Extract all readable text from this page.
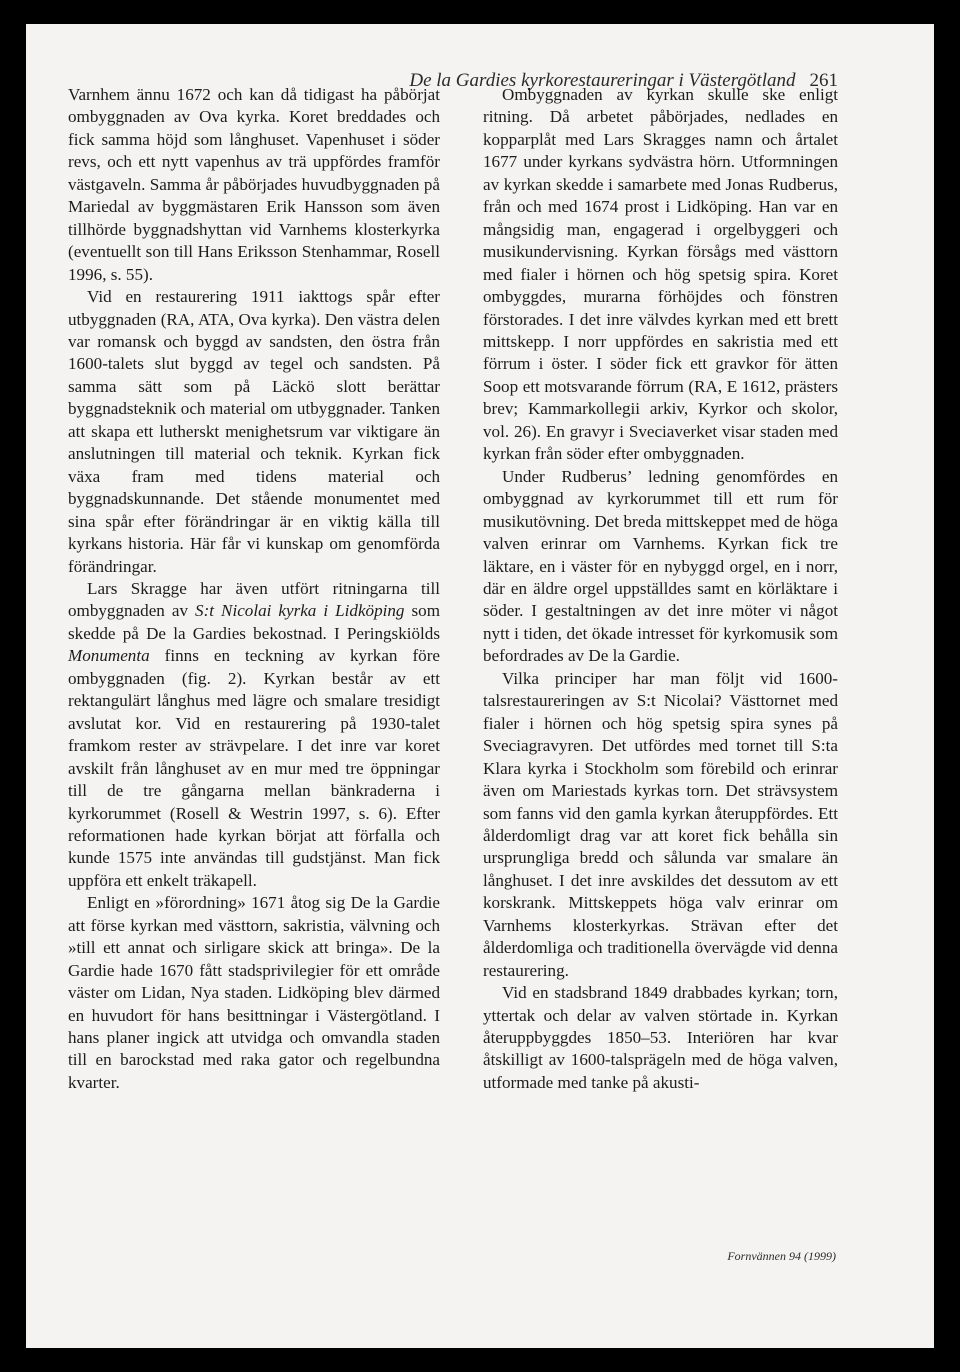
De la Gardies kyrkorestaureringar i Västergötland 261

Varnhem ännu 1672 och kan då tidigast ha påbörjat ombyggnaden av Ova kyrka. Koret breddades och fick samma höjd som långhuset. Vapenhuset i söder revs, och ett nytt vapenhus av trä uppfördes framför västgaveln. Samma år påbörjades huvudbyggnaden på Mariedal av byggmästaren Erik Hansson som även tillhörde byggnadshyttan vid Varnhems klosterkyrka (eventuellt son till Hans Eriksson Stenhammar, Rosell 1996, s. 55).

Vid en restaurering 1911 iakttogs spår efter utbyggnaden (RA, ATA, Ova kyrka). Den västra delen var romansk och byggd av sandsten, den östra från 1600-talets slut byggd av tegel och sandsten. På samma sätt som på Läckö slott berättar byggnadsteknik och material om utbyggnader. Tanken att skapa ett lutherskt menighetsrum var viktigare än anslutningen till material och teknik. Kyrkan fick växa fram med tidens material och byggnadskunnande. Det stående monumentet med sina spår efter förändringar är en viktig källa till kyrkans historia. Här får vi kunskap om genomförda förändringar.

Lars Skragge har även utfört ritningarna till ombyggnaden av S:t Nicolai kyrka i Lidköping som skedde på De la Gardies bekostnad. I Peringskiölds Monumenta finns en teckning av kyrkan före ombyggnaden (fig. 2). Kyrkan består av ett rektangulärt långhus med lägre och smalare tresidigt avslutat kor. Vid en restaurering på 1930-talet framkom rester av strävpelare. I det inre var koret avskilt från långhuset av en mur med tre öppningar till de tre gångarna mellan bänkraderna i kyrkorummet (Rosell & Westrin 1997, s. 6). Efter reformationen hade kyrkan börjat att förfalla och kunde 1575 inte användas till gudstjänst. Man fick uppföra ett enkelt träkapell.

Enligt en »förordning» 1671 åtog sig De la Gardie att förse kyrkan med västtorn, sakristia, välvning och »till ett annat och sirligare skick att bringa». De la Gardie hade 1670 fått stadsprivilegier för ett område väster om Lidan, Nya staden. Lidköping blev därmed en huvudort för hans besittningar i Västergötland. I hans planer ingick att utvidga och omvandla staden till en barockstad med raka gator och regelbundna kvarter.

Ombyggnaden av kyrkan skulle ske enligt ritning. Då arbetet påbörjades, nedlades en kopparplåt med Lars Skragges namn och årtalet 1677 under kyrkans sydvästra hörn. Utformningen av kyrkan skedde i samarbete med Jonas Rudberus, från och med 1674 prost i Lidköping. Han var en mångsidig man, engagerad i orgelbyggeri och musikundervisning. Kyrkan försågs med västtorn med fialer i hörnen och hög spetsig spira. Koret ombyggdes, murarna förhöjdes och fönstren förstorades. I det inre välvdes kyrkan med ett brett mittskepp. I norr uppfördes en sakristia med ett förrum i öster. I söder fick ett gravkor för ätten Soop ett motsvarande förrum (RA, E 1612, prästers brev; Kammarkollegii arkiv, Kyrkor och skolor, vol. 26). En gravyr i Sveciaverket visar staden med kyrkan från söder efter ombyggnaden.

Under Rudberus’ ledning genomfördes en ombyggnad av kyrkorummet till ett rum för musikutövning. Det breda mittskeppet med de höga valven erinrar om Varnhems. Kyrkan fick tre läktare, en i väster för en nybyggd orgel, en i norr, där en äldre orgel uppställdes samt en körläktare i söder. I gestaltningen av det inre möter vi något nytt i tiden, det ökade intresset för kyrkomusik som befordrades av De la Gardie.

Vilka principer har man följt vid 1600-talsrestaureringen av S:t Nicolai? Västtornet med fialer i hörnen och hög spetsig spira synes på Sveciagravyren. Det utfördes med tornet till S:ta Klara kyrka i Stockholm som förebild och erinrar även om Mariestads kyrkas torn. Det strävsystem som fanns vid den gamla kyrkan återuppfördes. Ett ålderdomligt drag var att koret fick behålla sin ursprungliga bredd och sålunda var smalare än långhuset. I det inre avskildes det dessutom av ett korskrank. Mittskeppets höga valv erinrar om Varnhems klosterkyrkas. Strävan efter det ålderdomliga och traditionella övervägde vid denna restaurering.

Vid en stadsbrand 1849 drabbades kyrkan; torn, yttertak och delar av valven störtade in. Kyrkan återuppbyggdes 1850–53. Interiören har kvar åtskilligt av 1600-talsprägeln med de höga valven, utformade med tanke på akusti-

Fornvännen 94 (1999)
